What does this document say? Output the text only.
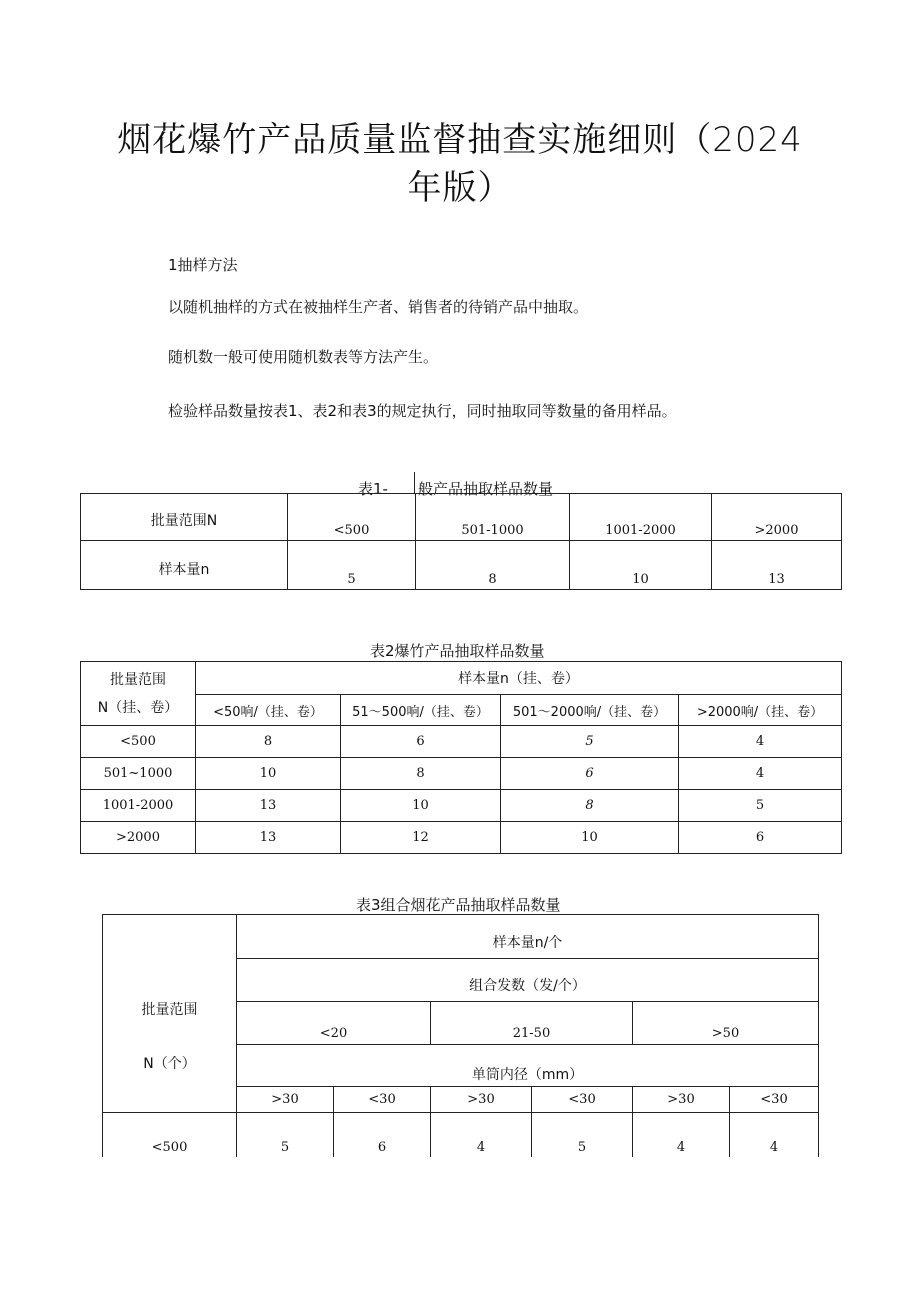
烟花爆竹产品质量监督抽查实施细则（2024
年版）
1抽样方法
以随机抽样的方式在被抽样生产者、销售者的待销产品中抽取。
随机数一般可使用随机数表等方法产生。
检验样品数量按表1、表2和表3的规定执行，同时抽取同等数量的备用样品。
表1- 般产品抽取样品数量
批量范围N	<500	501-1000	1001-2000	>2000
样本量n	5	8	10	13
表2爆竹产品抽取样品数量
批量范围
N（挂、卷）	样本量n（挂、卷）			
	<50响/（挂、卷）	51～500响/（挂、卷）	501～2000响/（挂、卷）	>2000响/（挂、卷）
<500	8	6	5	4
501~1000	10	8	6	4
1001-2000	13	10	8	5
>2000	13	12	10	6
表3组合烟花产品抽取样品数量
批量范围
N（个）	样本量n/个					
	组合发数（发/个）					
	<20		21-50		>50	
	单筒内径（mm）					
	>30	<30	>30	<30	>30	<30
<500	5	6	4	5	4	4
